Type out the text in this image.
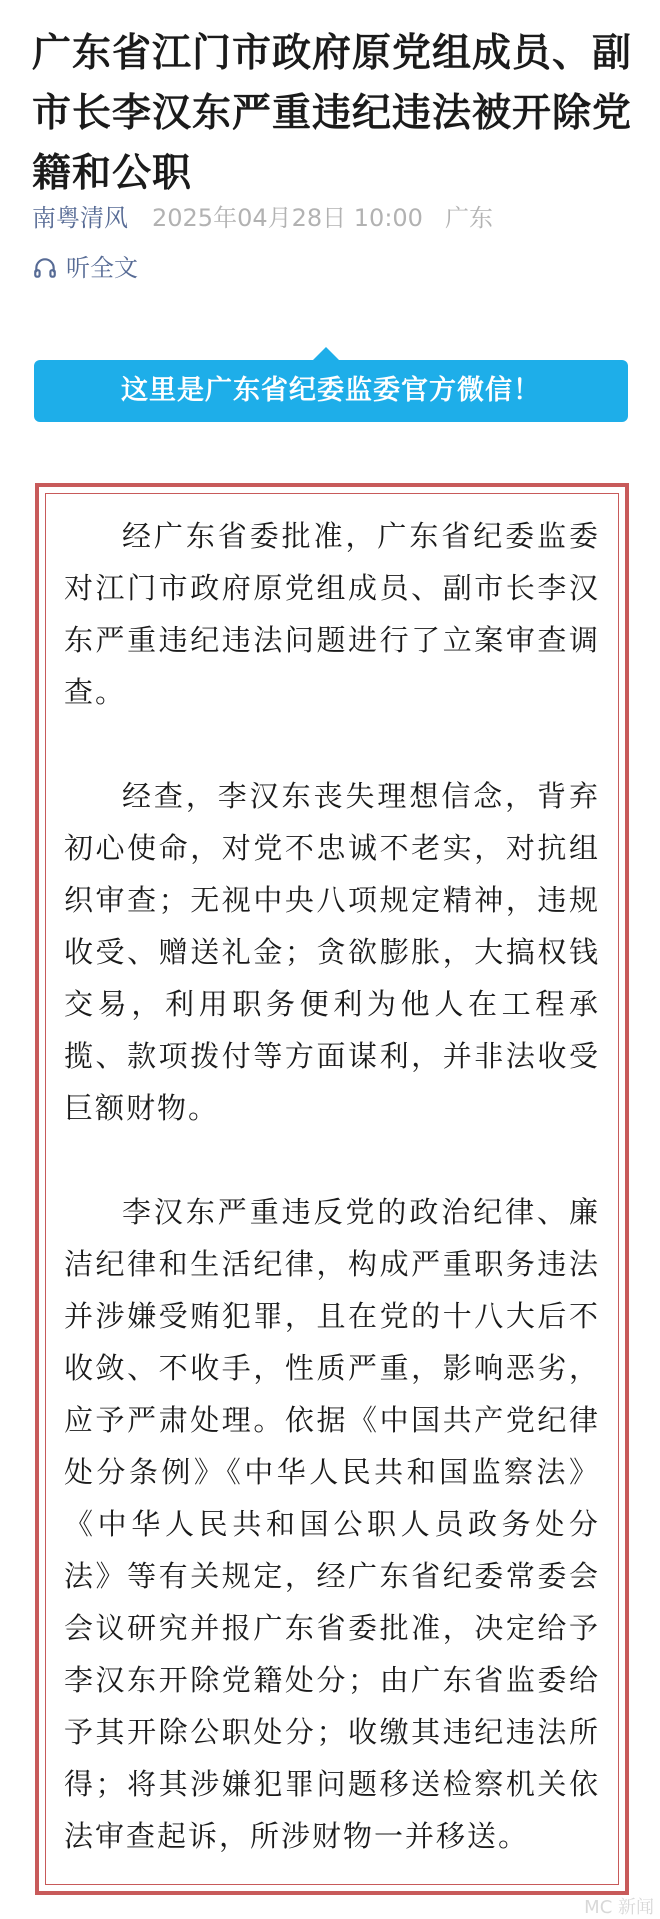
广东省江门市政府原党组成员、副市长李汉东严重违纪违法被开除党籍和公职
南粤清风 2025年04月28日 10:00 广东
听全文
这里是广东省纪委监委官方微信！

经广东省委批准，广东省纪委监委对江门市政府原党组成员、副市长李汉东严重违纪违法问题进行了立案审查调查。

经查，李汉东丧失理想信念，背弃初心使命，对党不忠诚不老实，对抗组织审查；无视中央八项规定精神，违规收受、赠送礼金；贪欲膨胀，大搞权钱交易，利用职务便利为他人在工程承揽、款项拨付等方面谋利，并非法收受巨额财物。

李汉东严重违反党的政治纪律、廉洁纪律和生活纪律，构成严重职务违法并涉嫌受贿犯罪，且在党的十八大后不收敛、不收手，性质严重，影响恶劣，应予严肃处理。依据《中国共产党纪律处分条例》《中华人民共和国监察法》《中华人民共和国公职人员政务处分法》等有关规定，经广东省纪委常委会会议研究并报广东省委批准，决定给予李汉东开除党籍处分；由广东省监委给予其开除公职处分；收缴其违纪违法所得；将其涉嫌犯罪问题移送检察机关依法审查起诉，所涉财物一并移送。

MC 新闻
